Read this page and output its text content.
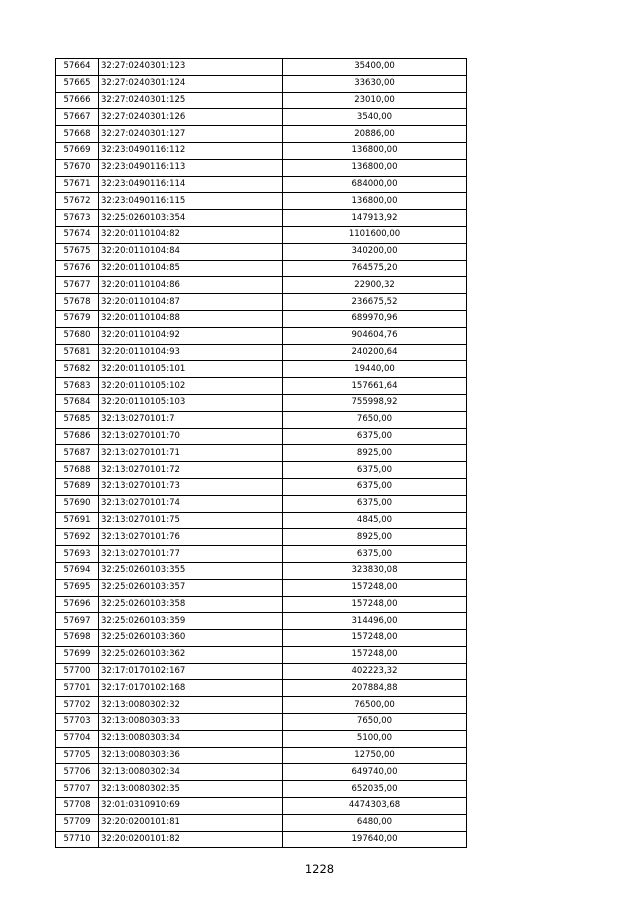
57664	32:27:0240301:123	35400,00
57665	32:27:0240301:124	33630,00
57666	32:27:0240301:125	23010,00
57667	32:27:0240301:126	3540,00
57668	32:27:0240301:127	20886,00
57669	32:23:0490116:112	136800,00
57670	32:23:0490116:113	136800,00
57671	32:23:0490116:114	684000,00
57672	32:23:0490116:115	136800,00
57673	32:25:0260103:354	147913,92
57674	32:20:0110104:82	1101600,00
57675	32:20:0110104:84	340200,00
57676	32:20:0110104:85	764575,20
57677	32:20:0110104:86	22900,32
57678	32:20:0110104:87	236675,52
57679	32:20:0110104:88	689970,96
57680	32:20:0110104:92	904604,76
57681	32:20:0110104:93	240200,64
57682	32:20:0110105:101	19440,00
57683	32:20:0110105:102	157661,64
57684	32:20:0110105:103	755998,92
57685	32:13:0270101:7	7650,00
57686	32:13:0270101:70	6375,00
57687	32:13:0270101:71	8925,00
57688	32:13:0270101:72	6375,00
57689	32:13:0270101:73	6375,00
57690	32:13:0270101:74	6375,00
57691	32:13:0270101:75	4845,00
57692	32:13:0270101:76	8925,00
57693	32:13:0270101:77	6375,00
57694	32:25:0260103:355	323830,08
57695	32:25:0260103:357	157248,00
57696	32:25:0260103:358	157248,00
57697	32:25:0260103:359	314496,00
57698	32:25:0260103:360	157248,00
57699	32:25:0260103:362	157248,00
57700	32:17:0170102:167	402223,32
57701	32:17:0170102:168	207884,88
57702	32:13:0080302:32	76500,00
57703	32:13:0080303:33	7650,00
57704	32:13:0080303:34	5100,00
57705	32:13:0080303:36	12750,00
57706	32:13:0080302:34	649740,00
57707	32:13:0080302:35	652035,00
57708	32:01:0310910:69	4474303,68
57709	32:20:0200101:81	6480,00
57710	32:20:0200101:82	197640,00
1228
